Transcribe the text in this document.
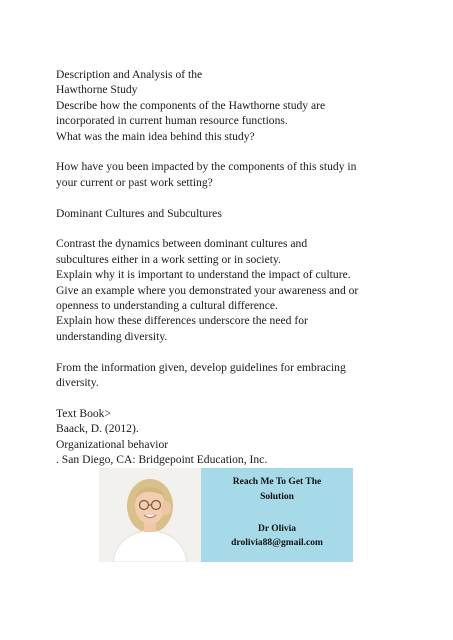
Description and Analysis of the
Hawthorne Study
Describe how the components of the Hawthorne study are
incorporated in current human resource functions.
What was the main idea behind this study?
How have you been impacted by the components of this study in
your current or past work setting?
Dominant Cultures and Subcultures
Contrast the dynamics between dominant cultures and
subcultures either in a work setting or in society.
Explain why it is important to understand the impact of culture.
Give an example where you demonstrated your awareness and or
openness to understanding a cultural difference.
Explain how these differences underscore the need for
understanding diversity.
From the information given, develop guidelines for embracing
diversity.
Text Book>
Baack, D. (2012).
Organizational behavior
. San Diego, CA: Bridgepoint Education, Inc.
Reach Me To Get The
Solution
Dr Olivia
drolivia88@gmail.com
